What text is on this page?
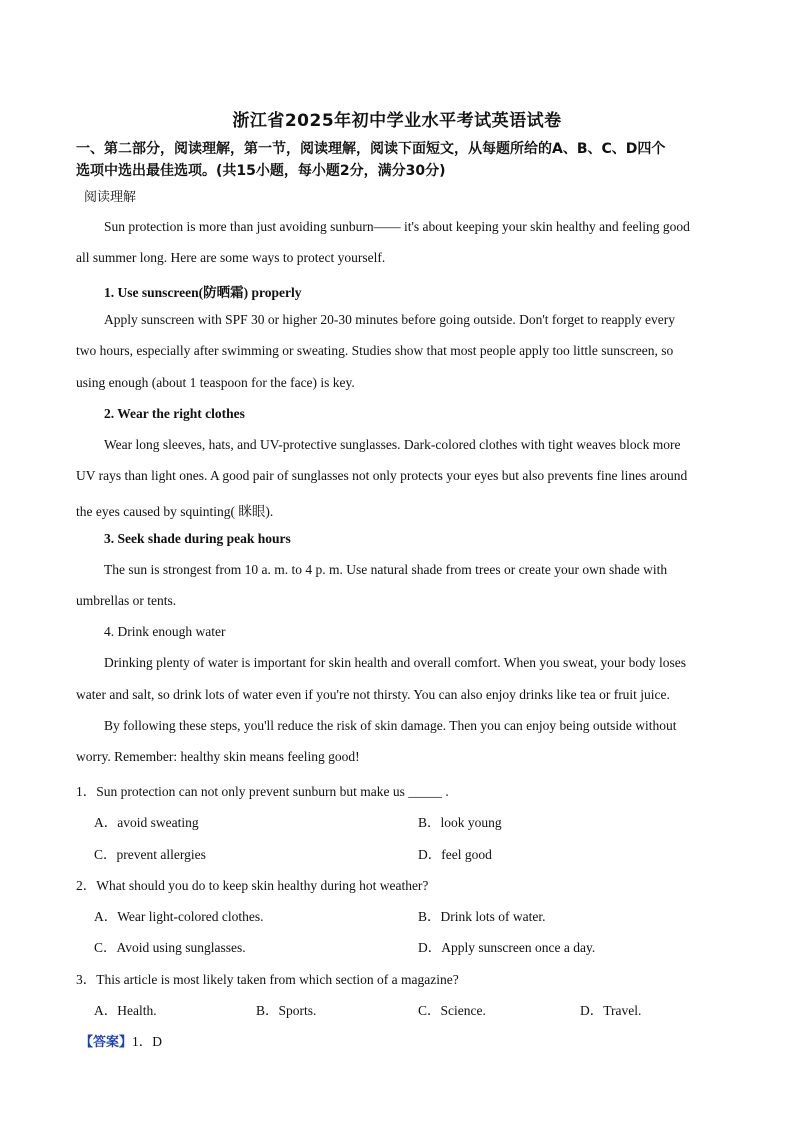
浙江省2025年初中学业水平考试英语试卷
一、第二部分，阅读理解，第一节，阅读理解，阅读下面短文，从每题所给的A、B、C、D四个
选项中选出最佳选项。(共15小题，每小题2分，满分30分)
阅读理解
Sun protection is more than just avoiding sunburn—— it's about keeping your skin healthy and feeling good
all summer long. Here are some ways to protect yourself.
1. Use sunscreen(防晒霜) properly
Apply sunscreen with SPF 30 or higher 20-30 minutes before going outside. Don't forget to reapply every
two hours, especially after swimming or sweating. Studies show that most people apply too little sunscreen, so
using enough (about 1 teaspoon for the face) is key.
2. Wear the right clothes
Wear long sleeves, hats, and UV-protective sunglasses. Dark-colored clothes with tight weaves block more
UV rays than light ones. A good pair of sunglasses not only protects your eyes but also prevents fine lines around
the eyes caused by squinting( 眯眼).
3. Seek shade during peak hours
The sun is strongest from 10 a. m. to 4 p. m. Use natural shade from trees or create your own shade with
umbrellas or tents.
4. Drink enough water
Drinking plenty of water is important for skin health and overall comfort. When you sweat, your body loses
water and salt, so drink lots of water even if you're not thirsty. You can also enjoy drinks like tea or fruit juice.
By following these steps, you'll reduce the risk of skin damage. Then you can enjoy being outside without
worry. Remember: healthy skin means feeling good!
1．Sun protection can not only prevent sunburn but make us _____ .
A．avoid sweating	B．look young
C．prevent allergies	D．feel good
2．What should you do to keep skin healthy during hot weather?
A．Wear light-colored clothes.	B．Drink lots of water.
C．Avoid using sunglasses.	D．Apply sunscreen once a day.
3．This article is most likely taken from which section of a magazine?
A．Health.	B．Sports.	C．Science.	D．Travel.
【答案】1．D
